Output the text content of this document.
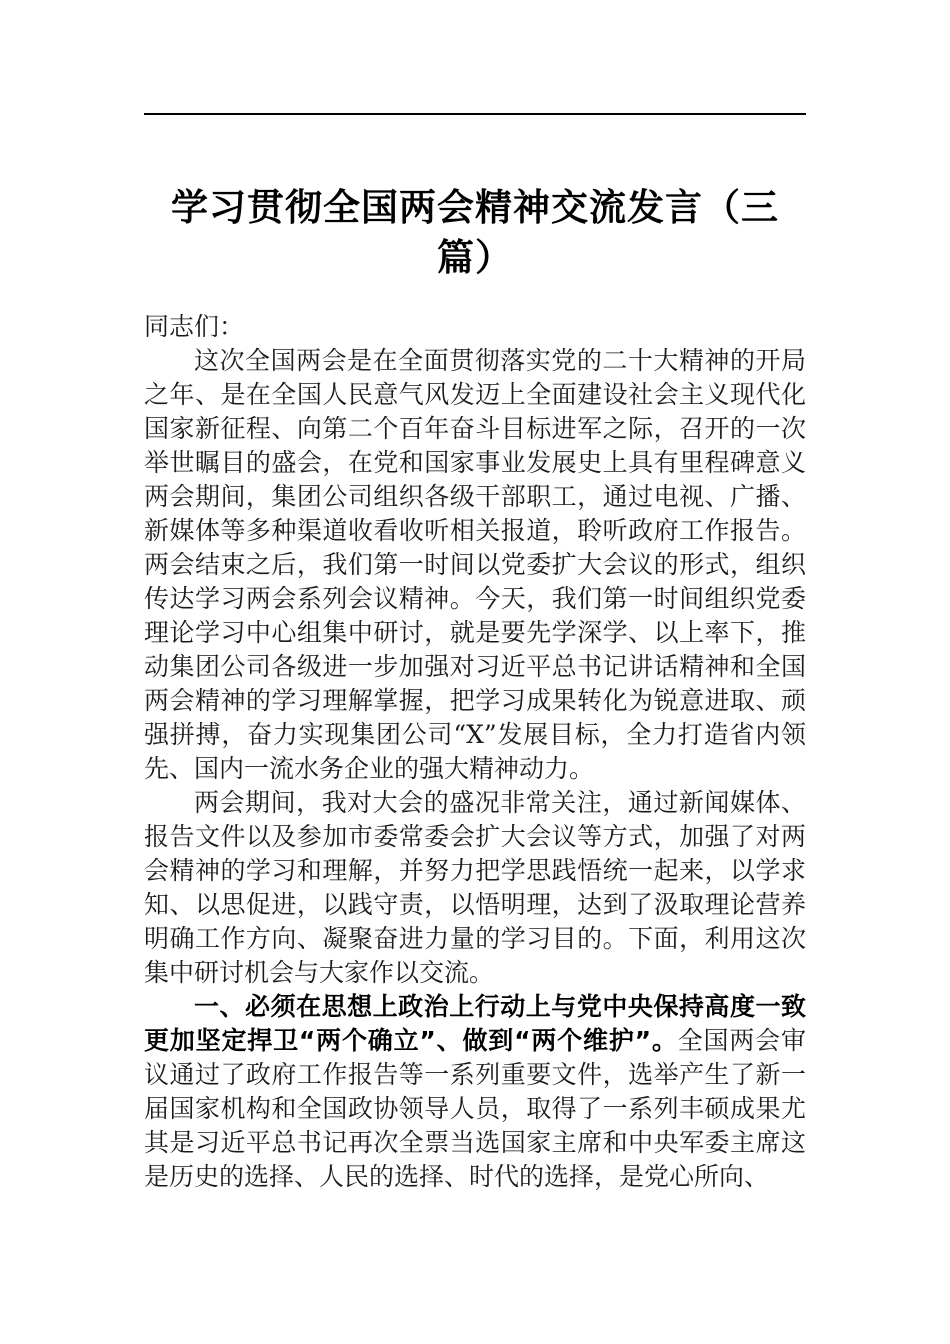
学习贯彻全国两会精神交流发言（三篇）

同志们：

这次全国两会是在全面贯彻落实党的二十大精神的开局之年、是在全国人民意气风发迈上全面建设社会主义现代化国家新征程、向第二个百年奋斗目标进军之际，召开的一次举世瞩目的盛会，在党和国家事业发展史上具有里程碑意义两会期间，集团公司组织各级干部职工，通过电视、广播、新媒体等多种渠道收看收听相关报道，聆听政府工作报告。两会结束之后，我们第一时间以党委扩大会议的形式，组织传达学习两会系列会议精神。今天，我们第一时间组织党委理论学习中心组集中研讨，就是要先学深学、以上率下，推动集团公司各级进一步加强对习近平总书记讲话精神和全国两会精神的学习理解掌握，把学习成果转化为锐意进取、顽强拼搏，奋力实现集团公司“X”发展目标，全力打造省内领先、国内一流水务企业的强大精神动力。

两会期间，我对大会的盛况非常关注，通过新闻媒体、报告文件以及参加市委常委会扩大会议等方式，加强了对两会精神的学习和理解，并努力把学思践悟统一起来，以学求知、以思促进，以践守责，以悟明理，达到了汲取理论营养明确工作方向、凝聚奋进力量的学习目的。下面，利用这次集中研讨机会与大家作以交流。

一、必须在思想上政治上行动上与党中央保持高度一致更加坚定捍卫“两个确立”、做到“两个维护”。全国两会审议通过了政府工作报告等一系列重要文件，选举产生了新一届国家机构和全国政协领导人员，取得了一系列丰硕成果尤其是习近平总书记再次全票当选国家主席和中央军委主席这是历史的选择、人民的选择、时代的选择，是党心所向、
